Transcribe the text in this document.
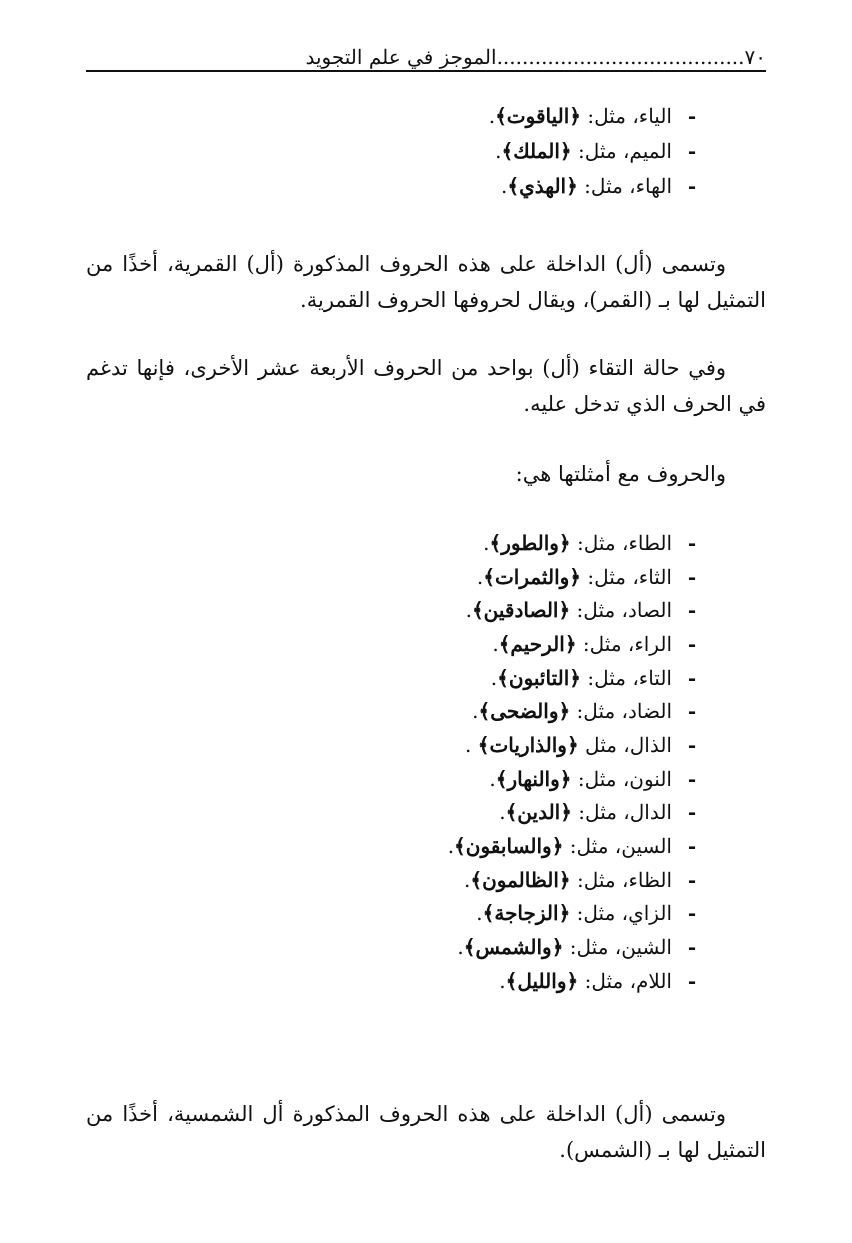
٧٠.......................................الموجز في علم التجويد
-
الياء، مثل: ﴿الياقوت﴾.
-
الميم، مثل: ﴿الملك﴾.
-
الهاء، مثل: ﴿الهذي﴾.

وتسمى (أل) الداخلة على هذه الحروف المذكورة (أل) القمرية، أخذًا من التمثيل لها بـ (القمر)، ويقال لحروفها الحروف القمرية.

وفي حالة التقاء (أل) بواحد من الحروف الأربعة عشر الأخرى، فإنها تدغم في الحرف الذي تدخل عليه.

والحروف مع أمثلتها هي:

-
الطاء، مثل: ﴿والطور﴾.
-
الثاء، مثل: ﴿والثمرات﴾.
-
الصاد، مثل: ﴿الصادقين﴾.
-
الراء، مثل: ﴿الرحيم﴾.
-
التاء، مثل: ﴿التائبون﴾.
-
الضاد، مثل: ﴿والضحى﴾.
-
الذال، مثل ﴿والذاريات﴾ .
-
النون، مثل: ﴿والنهار﴾.
-
الدال، مثل: ﴿الدين﴾.
-
السين، مثل: ﴿والسابقون﴾.
-
الظاء، مثل: ﴿الظالمون﴾.
-
الزاي، مثل: ﴿الزجاجة﴾.
-
الشين، مثل: ﴿والشمس﴾.
-
اللام، مثل: ﴿والليل﴾.

وتسمى (أل) الداخلة على هذه الحروف المذكورة أل الشمسية، أخذًا من التمثيل لها بـ (الشمس).
